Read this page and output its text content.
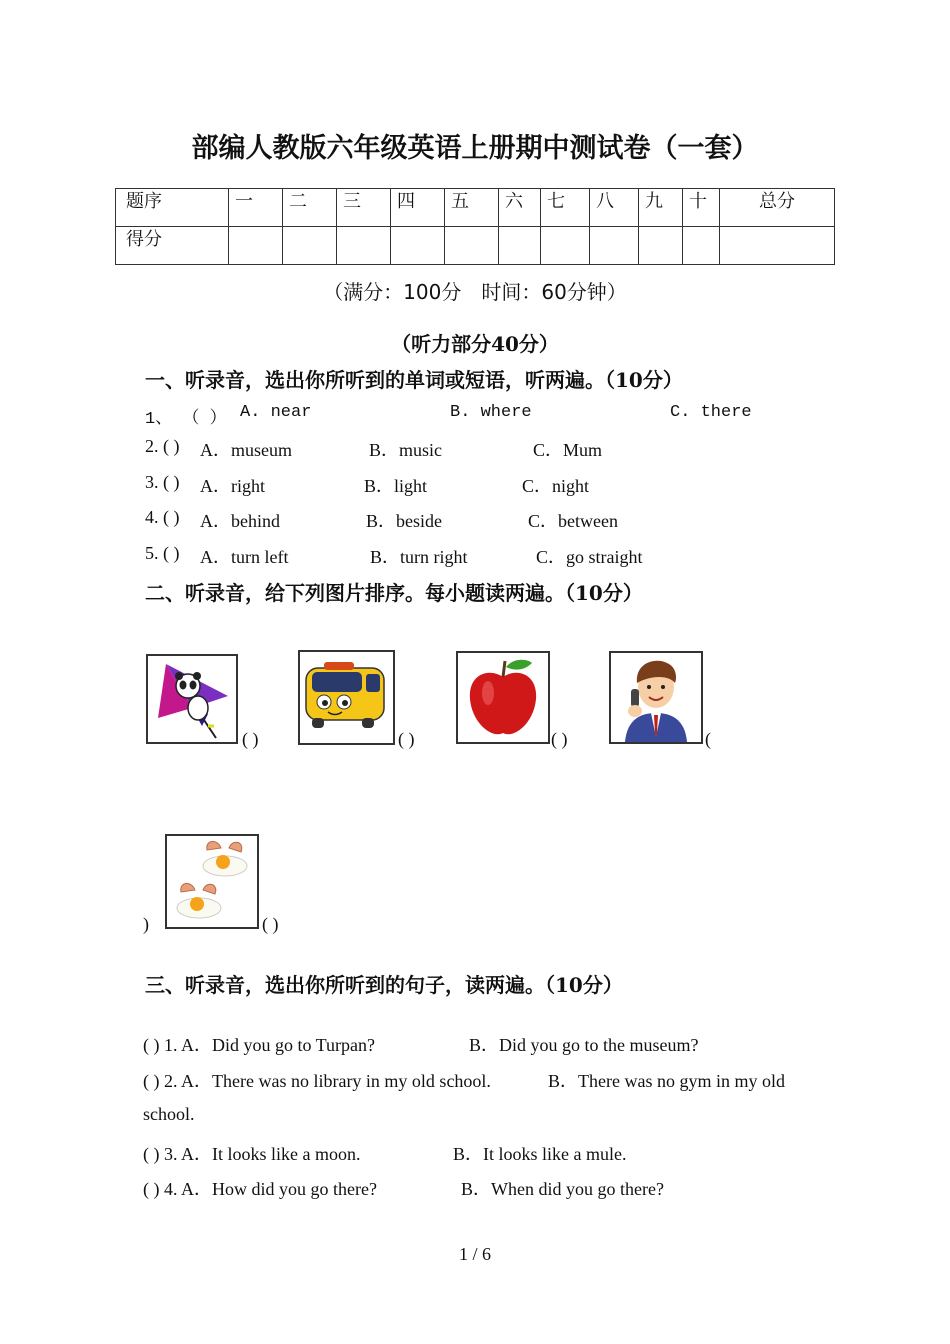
部编人教版六年级英语上册期中测试卷（一套）
题序	一	二	三	四	五	六	七	八	九	十	总分
得分											
（满分：100分　时间：60分钟）
（听力部分40分）
一、听录音，选出你所听到的单词或短语，听两遍。（10分）
1、 （ ） A. near	B. where	C. there
2. ( ) A．museum	B．music	C．Mum
3. ( ) A．right	B．light	C．night
4. ( ) A．behind	B．beside	C．between
5. ( ) A．turn left	B．turn right	C．go straight
二、听录音，给下列图片排序。每小题读两遍。（10分）
( )	( )	( )	(
)	( )
三、听录音，选出你所听到的句子，读两遍。（10分）
( ) 1. A．Did you go to Turpan?	B．Did you go to the museum?
( ) 2. A．There was no library in my old school.	B．There was no gym in my old
school.
( ) 3. A．It looks like a moon.	B．It looks like a mule.
( ) 4. A．How did you go there?	B．When did you go there?
1 / 6
